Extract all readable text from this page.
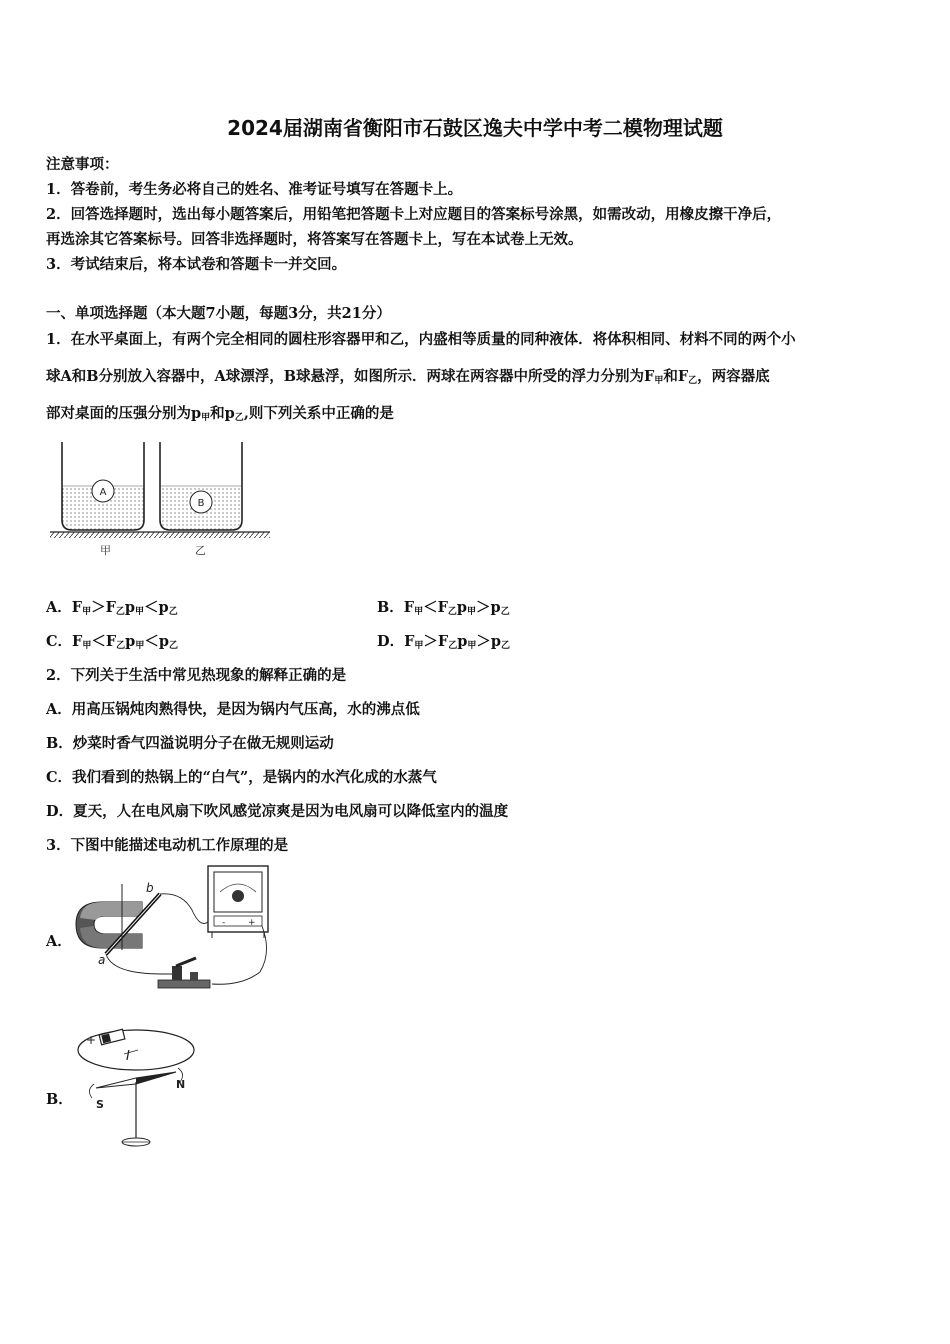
2024届湖南省衡阳市石鼓区逸夫中学中考二模物理试题
注意事项：
1．答卷前，考生务必将自己的姓名、准考证号填写在答题卡上。
2．回答选择题时，选出每小题答案后，用铅笔把答题卡上对应题目的答案标号涂黑，如需改动，用橡皮擦干净后，
再选涂其它答案标号。回答非选择题时，将答案写在答题卡上，写在本试卷上无效。
3．考试结束后，将本试卷和答题卡一并交回。
一、单项选择题（本大题7小题，每题3分，共21分）
1．在水平桌面上，有两个完全相同的圆柱形容器甲和乙，内盛相等质量的同种液体．将体积相同、材料不同的两个小
球A和B分别放入容器中，A球漂浮，B球悬浮，如图所示．两球在两容器中所受的浮力分别为F甲和F乙，两容器底
部对桌面的压强分别为p甲和p乙,则下列关系中正确的是
A
B
甲	乙
A．F甲＞F乙p甲＜p乙	B．F甲＜F乙p甲＞p乙
C．F甲＜F乙p甲＜p乙	D．F甲＞F乙p甲＞p乙
2．下列关于生活中常见热现象的解释正确的是
A．用高压锅炖肉熟得快，是因为锅内气压高，水的沸点低
B．炒菜时香气四溢说明分子在做无规则运动
C．我们看到的热锅上的“白气”，是锅内的水汽化成的水蒸气
D．夏天，人在电风扇下吹风感觉凉爽是因为电风扇可以降低室内的温度
3．下图中能描述电动机工作原理的是
A．
b
a
-	+
B．
+
I
N
S
